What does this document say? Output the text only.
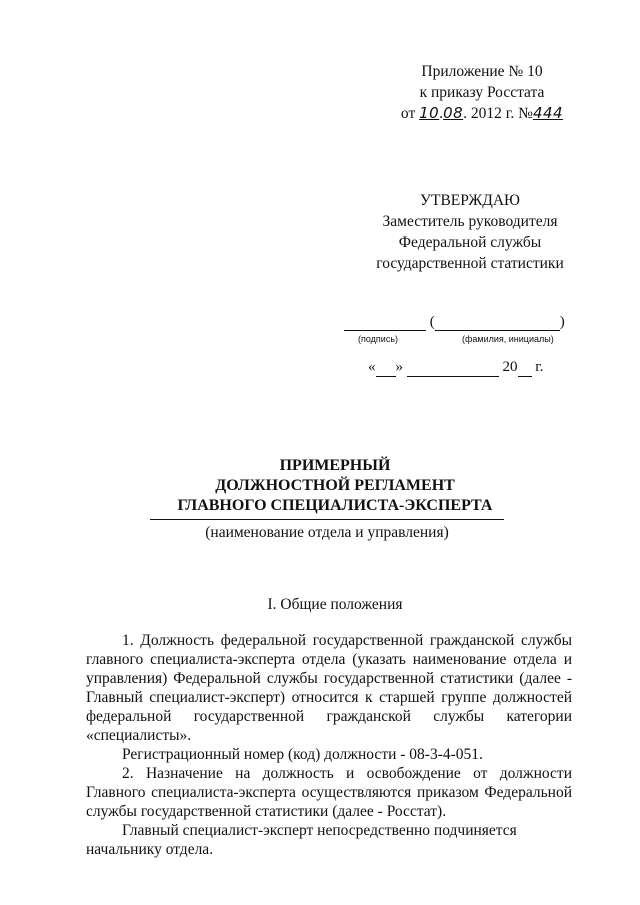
Приложение № 10
к приказу Росстата
от 10.08. 2012 г. №444
УТВЕРЖДАЮ
Заместитель руководителя
Федеральной службы
государственной статистики
(	)
(подпись)	(фамилия, инициалы)
« »	20 г.
ПРИМЕРНЫЙ
ДОЛЖНОСТНОЙ РЕГЛАМЕНТ
ГЛАВНОГО СПЕЦИАЛИСТА-ЭКСПЕРТА
(наименование отдела и управления)
I. Общие положения

1. Должность федеральной государственной гражданской службы главного специалиста-эксперта отдела (указать наименование отдела и управления) Федеральной службы государственной статистики (далее - Главный специалист-эксперт) относится к старшей группе должностей федеральной государственной гражданской службы категории «специалисты».

Регистрационный номер (код) должности - 08-3-4-051.

2. Назначение на должность и освобождение от должности Главного специалиста-эксперта осуществляются приказом Федеральной службы государственной статистики (далее - Росстат).

Главный специалист-эксперт непосредственно подчиняется

начальнику отдела.
